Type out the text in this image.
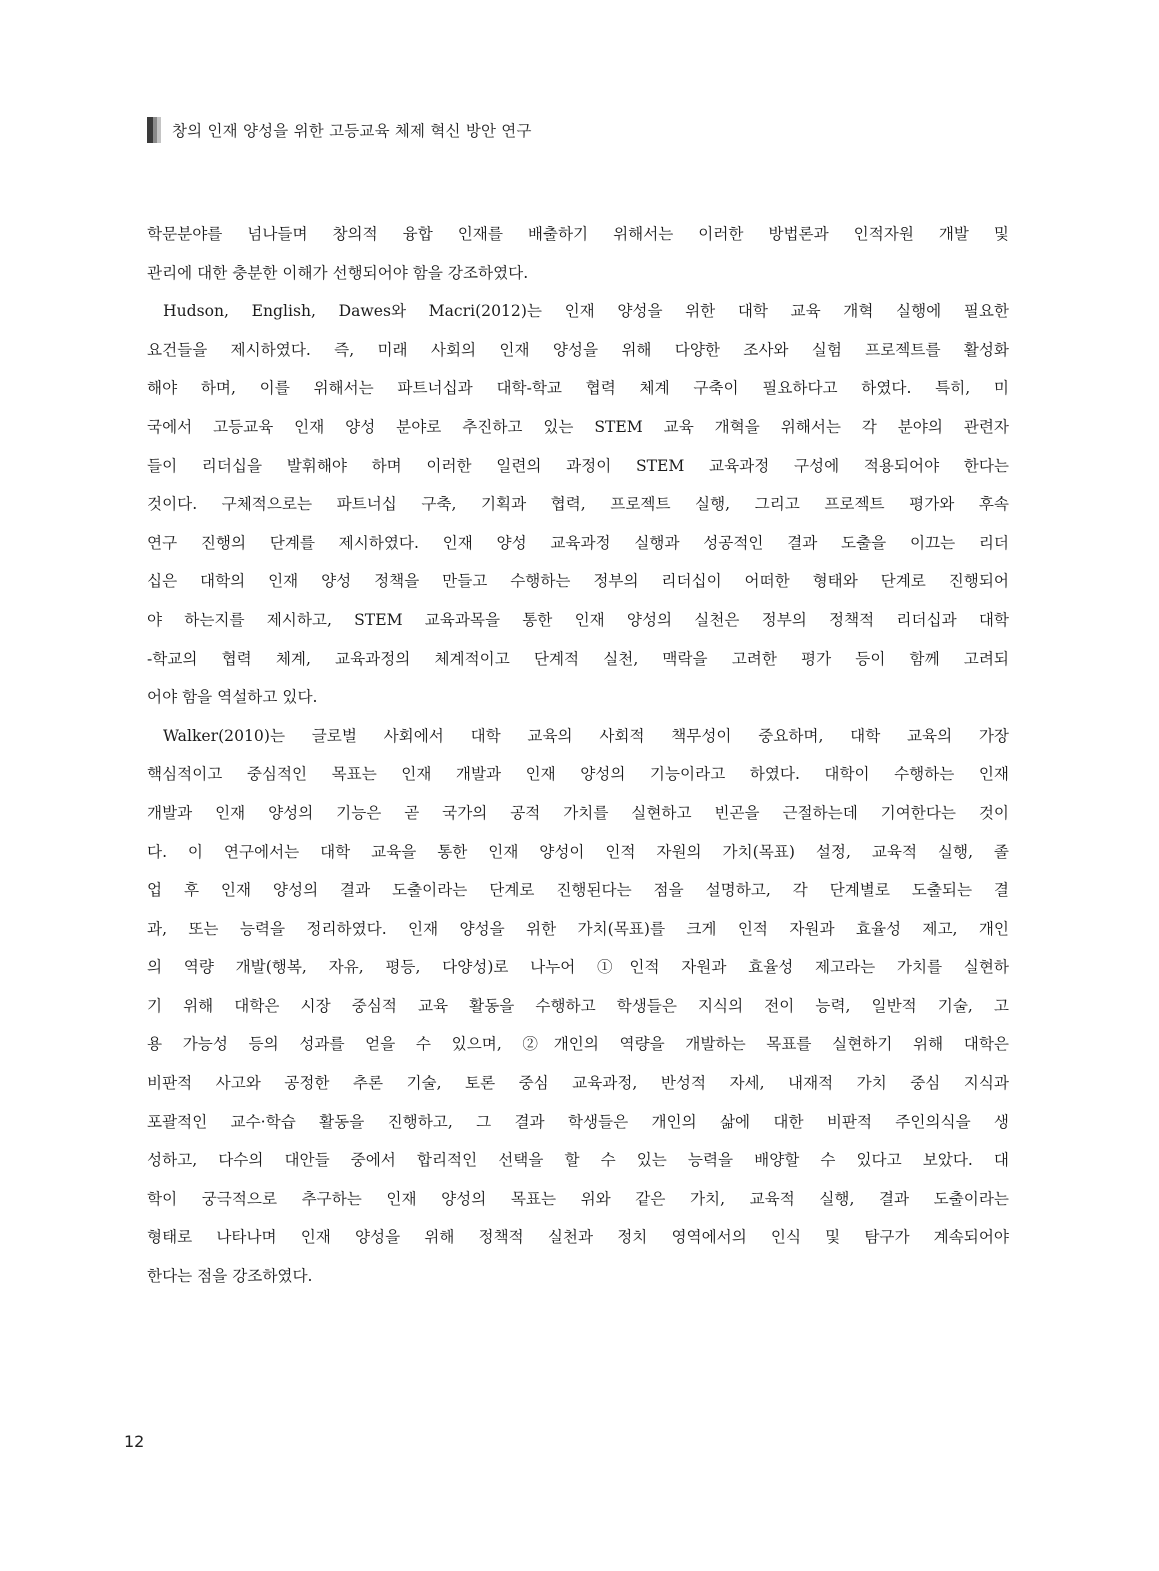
창의 인재 양성을 위한 고등교육 체제 혁신 방안 연구
학문분야를 넘나들며 창의적 융합 인재를 배출하기 위해서는 이러한 방법론과 인적자원 개발 및
관리에 대한 충분한 이해가 선행되어야 함을 강조하였다.
Hudson, English, Dawes와 Macri(2012)는 인재 양성을 위한 대학 교육 개혁 실행에 필요한
요건들을 제시하였다. 즉, 미래 사회의 인재 양성을 위해 다양한 조사와 실험 프로젝트를 활성화
해야 하며, 이를 위해서는 파트너십과 대학-학교 협력 체계 구축이 필요하다고 하였다. 특히, 미
국에서 고등교육 인재 양성 분야로 추진하고 있는 STEM 교육 개혁을 위해서는 각 분야의 관련자
들이 리더십을 발휘해야 하며 이러한 일련의 과정이 STEM 교육과정 구성에 적용되어야 한다는
것이다. 구체적으로는 파트너십 구축, 기획과 협력, 프로젝트 실행, 그리고 프로젝트 평가와 후속
연구 진행의 단계를 제시하였다. 인재 양성 교육과정 실행과 성공적인 결과 도출을 이끄는 리더
십은 대학의 인재 양성 정책을 만들고 수행하는 정부의 리더십이 어떠한 형태와 단계로 진행되어
야 하는지를 제시하고, STEM 교육과목을 통한 인재 양성의 실천은 정부의 정책적 리더십과 대학
-학교의 협력 체계, 교육과정의 체계적이고 단계적 실천, 맥락을 고려한 평가 등이 함께 고려되
어야 함을 역설하고 있다.
Walker(2010)는 글로벌 사회에서 대학 교육의 사회적 책무성이 중요하며, 대학 교육의 가장
핵심적이고 중심적인 목표는 인재 개발과 인재 양성의 기능이라고 하였다. 대학이 수행하는 인재
개발과 인재 양성의 기능은 곧 국가의 공적 가치를 실현하고 빈곤을 근절하는데 기여한다는 것이
다. 이 연구에서는 대학 교육을 통한 인재 양성이 인적 자원의 가치(목표) 설정, 교육적 실행, 졸
업 후 인재 양성의 결과 도출이라는 단계로 진행된다는 점을 설명하고, 각 단계별로 도출되는 결
과, 또는 능력을 정리하였다. 인재 양성을 위한 가치(목표)를 크게 인적 자원과 효율성 제고, 개인
의 역량 개발(행복, 자유, 평등, 다양성)로 나누어 ①인적 자원과 효율성 제고라는 가치를 실현하
기 위해 대학은 시장 중심적 교육 활동을 수행하고 학생들은 지식의 전이 능력, 일반적 기술, 고
용 가능성 등의 성과를 얻을 수 있으며, ②개인의 역량을 개발하는 목표를 실현하기 위해 대학은
비판적 사고와 공정한 추론 기술, 토론 중심 교육과정, 반성적 자세, 내재적 가치 중심 지식과
포괄적인 교수·학습 활동을 진행하고, 그 결과 학생들은 개인의 삶에 대한 비판적 주인의식을 생
성하고, 다수의 대안들 중에서 합리적인 선택을 할 수 있는 능력을 배양할 수 있다고 보았다. 대
학이 궁극적으로 추구하는 인재 양성의 목표는 위와 같은 가치, 교육적 실행, 결과 도출이라는
형태로 나타나며 인재 양성을 위해 정책적 실천과 정치 영역에서의 인식 및 탐구가 계속되어야
한다는 점을 강조하였다.
12
